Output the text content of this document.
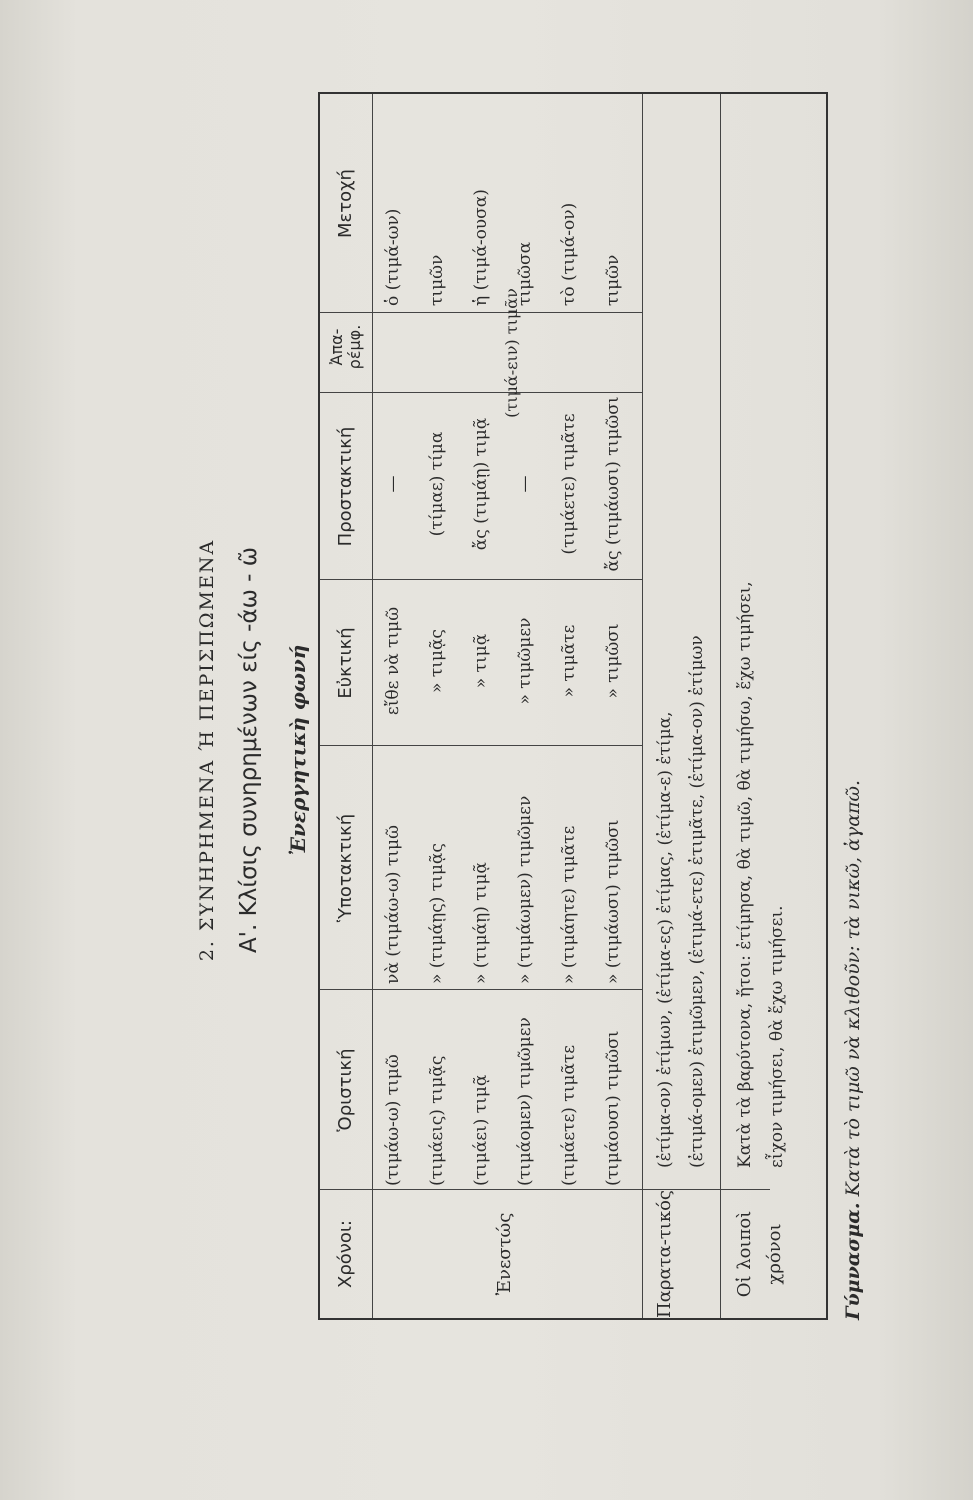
2. ΣΥΝΗΡΗΜΕΝΑ Ή ΠΕΡΙΣΠΩΜΕΝΑ Α'. Κλίσις συνηρημένων είς -άω - ῶ Ἐνεργητικὴ φωνή
Χρόνοι:
Ὁριστική
Ὑποτακτική
Εὐκτική
Προστακτική
Ἀπα-ρέμφ.
Μετοχή
Ἐνεστώς
(τιμάω-ω) τιμῶ
νὰ (τιμάω-ω) τιμῶ
εἴθε νὰ τιμῶ
—
ὁ (τιμά-ων)
(τιμάεις) τιμᾷς
» (τιμάῃς) τιμᾷς
» τιμᾷς
(τίμαε) τίμα
τιμῶν
(τιμάει) τιμᾷ
» (τιμάῃ) τιμᾷ
» τιμᾷ
ἄς (τιμάῃ) τιμᾷ
ἡ (τιμά-ουσα)
(τιμάομεν) τιμῶμεν
» (τιμάωμεν) τιμῶμεν
» τιμῶμεν
—
τιμῶσα
(τιμάετε) τιμᾶτε
» (τιμάητε) τιμᾶτε
» τιμᾶτε
(τιμάετε) τιμᾶτε
τὸ (τιμά-ον)
(τιμάουσι) τιμῶσι
» (τιμάωσι) τιμῶσι
» τιμῶσι
ἄς (τιμάωσι) τιμῶσι
τιμῶν
(τιμά-ειν) τιμᾶν
Παρατα-τικός
(ἐτίμα-ον) ἐτίμων, (ἐτίμα-ες) ἐτίμας, (ἐτίμα-ε) ἐτίμα, (ἐτιμά-ομεν) ἐτιμῶμεν, (ἐτιμά-ετε) ἐτιμᾶτε, (ἐτίμα-ον) ἐτίμων
Οἱ λοιποὶ χρόνοι
Κατὰ τὰ βαρύτονα, ἤτοι: ἐτίμησα, θὰ τιμῶ, θὰ τιμήσω, ἔχω τιμήσει, εἶχον τιμήσει, θὰ ἔχω τιμήσει.
Γύμνασμα. Κατὰ τὸ τιμῶ νὰ κλιθοῦν: τὰ νικῶ, ἀγαπῶ.
